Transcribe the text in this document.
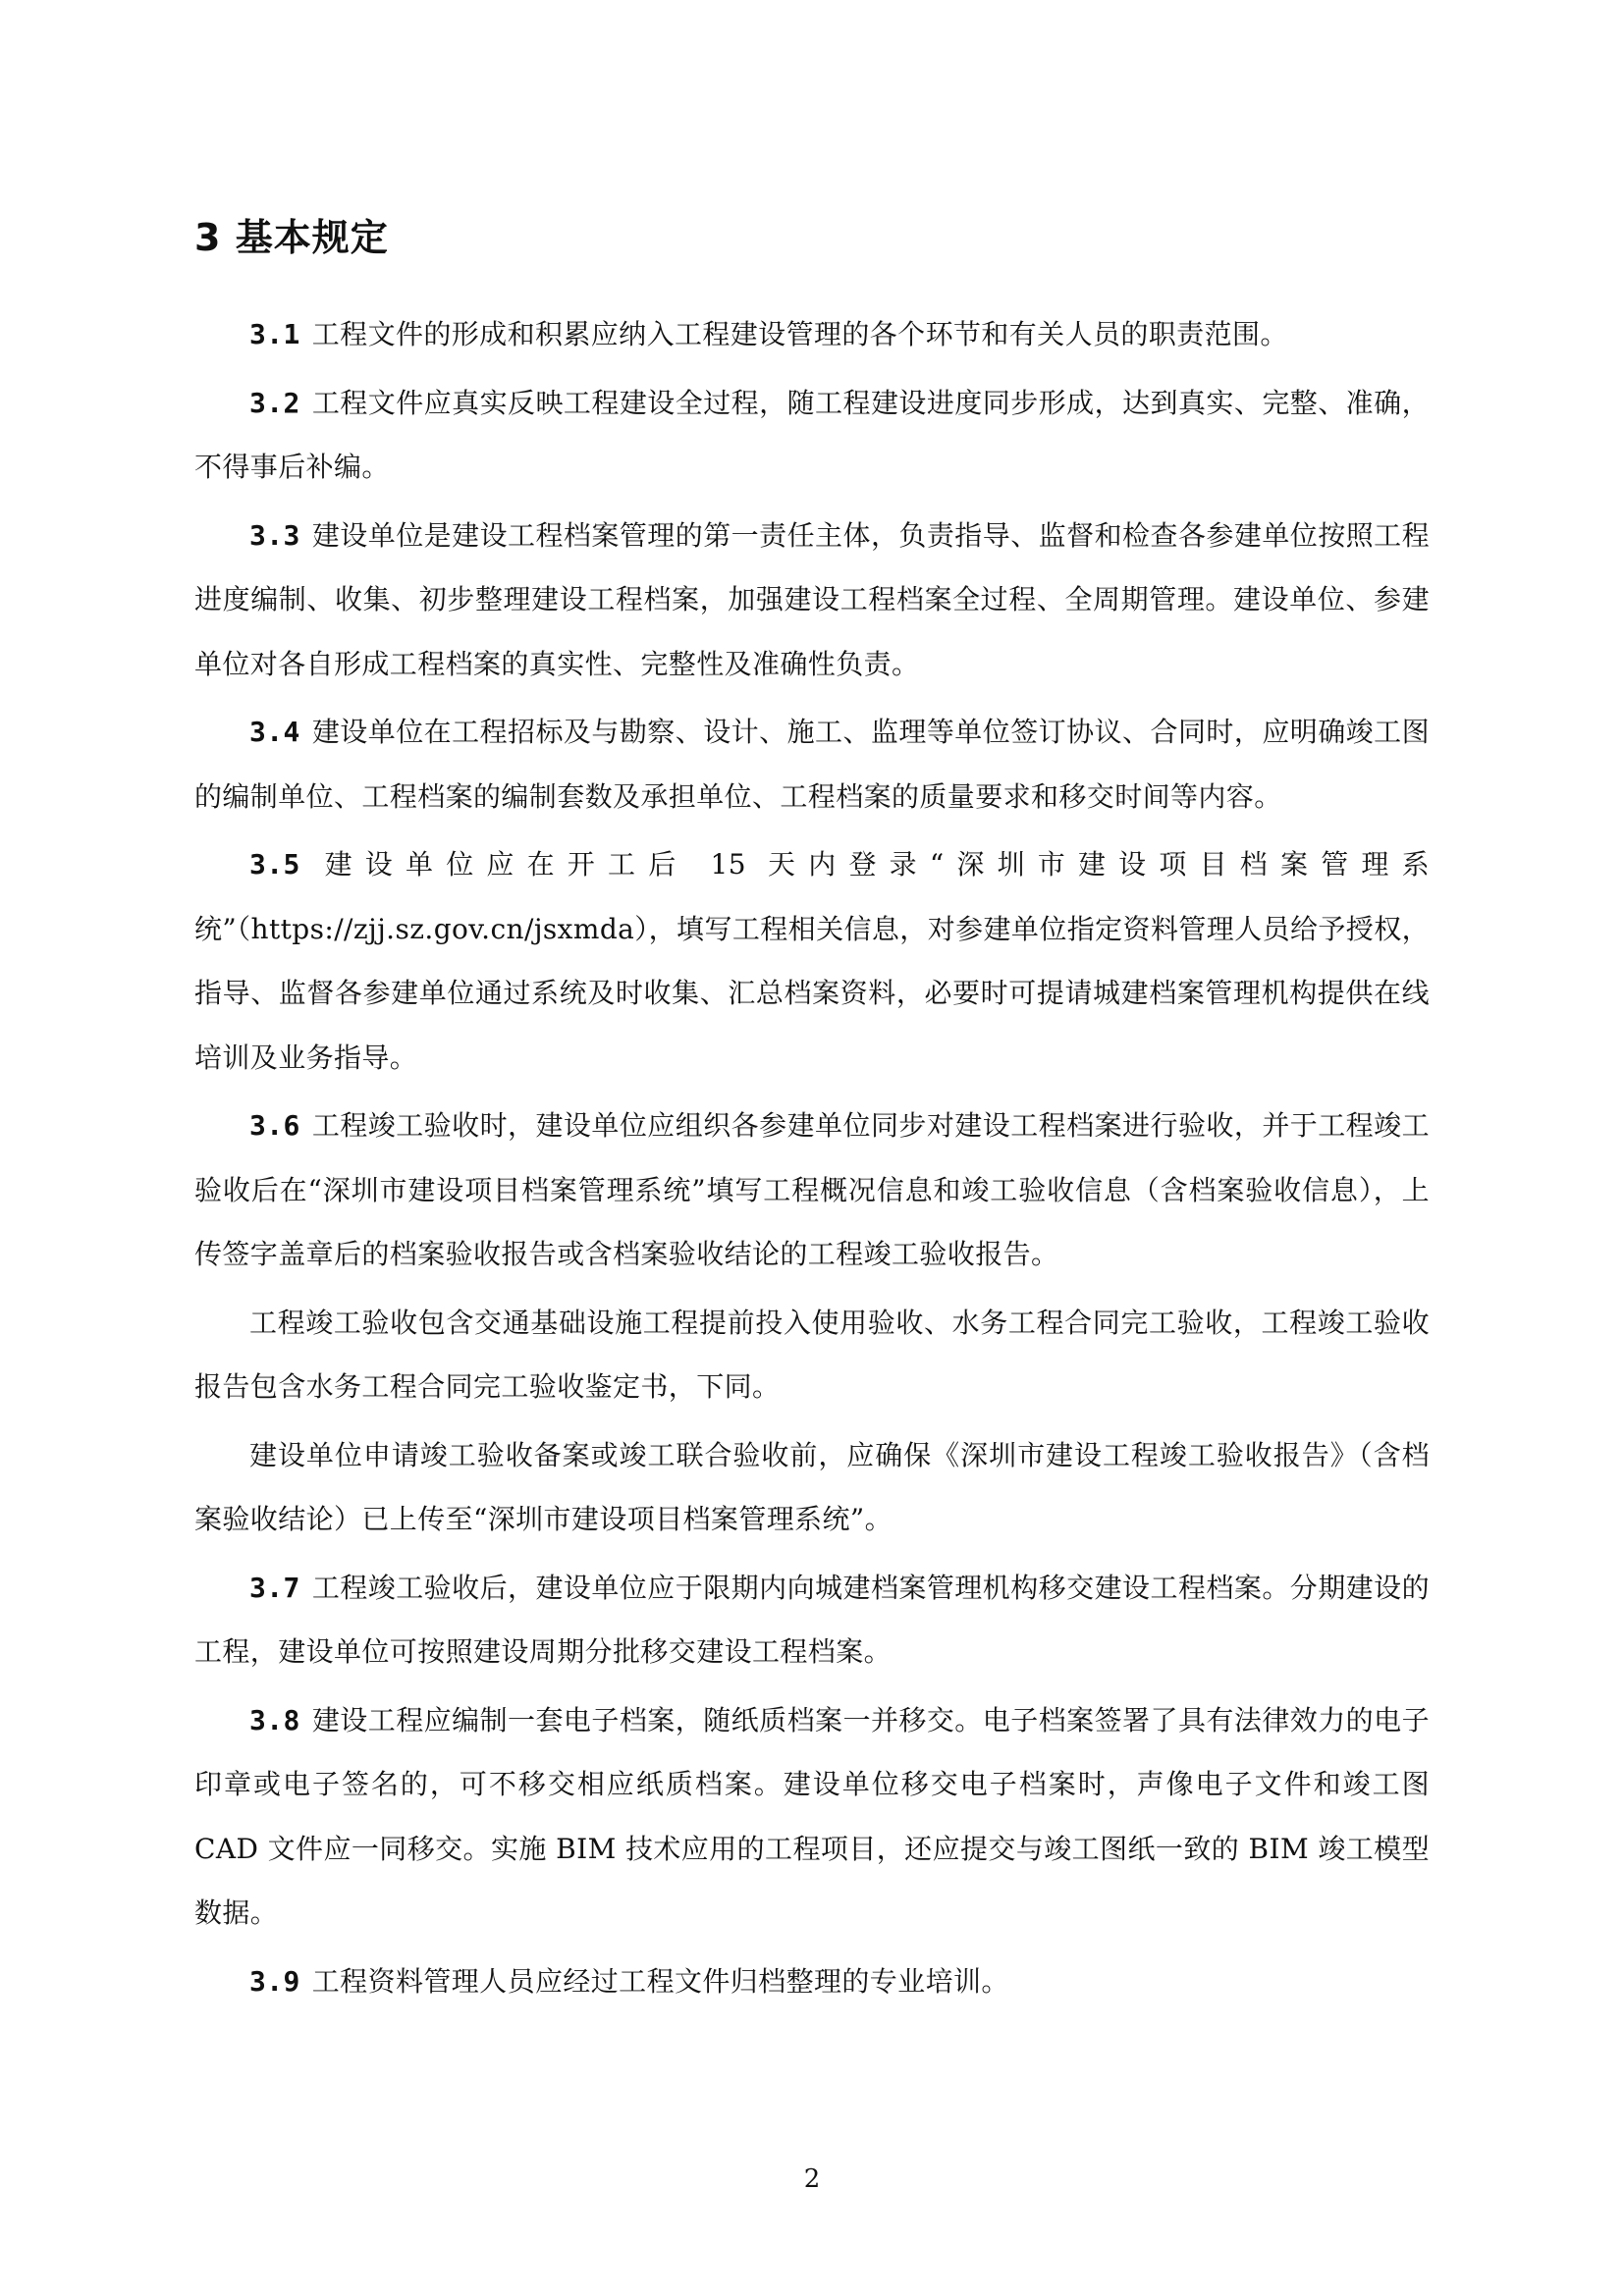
3 基本规定

3.1 工程文件的形成和积累应纳入工程建设管理的各个环节和有关人员的职责范围。

3.2 工程文件应真实反映工程建设全过程，随工程建设进度同步形成，达到真实、完整、准确，不得事后补编。

3.3 建设单位是建设工程档案管理的第一责任主体，负责指导、监督和检查各参建单位按照工程进度编制、收集、初步整理建设工程档案，加强建设工程档案全过程、全周期管理。建设单位、参建单位对各自形成工程档案的真实性、完整性及准确性负责。

3.4 建设单位在工程招标及与勘察、设计、施工、监理等单位签订协议、合同时，应明确竣工图的编制单位、工程档案的编制套数及承担单位、工程档案的质量要求和移交时间等内容。

3.5 建设单位应在开工后 15 天内登录“深圳市建设项目档案管理系统”（https://zjj.sz.gov.cn/jsxmda），填写工程相关信息，对参建单位指定资料管理人员给予授权，指导、监督各参建单位通过系统及时收集、汇总档案资料，必要时可提请城建档案管理机构提供在线培训及业务指导。

3.6 工程竣工验收时，建设单位应组织各参建单位同步对建设工程档案进行验收，并于工程竣工验收后在“深圳市建设项目档案管理系统”填写工程概况信息和竣工验收信息（含档案验收信息），上传签字盖章后的档案验收报告或含档案验收结论的工程竣工验收报告。

工程竣工验收包含交通基础设施工程提前投入使用验收、水务工程合同完工验收，工程竣工验收报告包含水务工程合同完工验收鉴定书，下同。

建设单位申请竣工验收备案或竣工联合验收前，应确保《深圳市建设工程竣工验收报告》（含档案验收结论）已上传至“深圳市建设项目档案管理系统”。

3.7 工程竣工验收后，建设单位应于限期内向城建档案管理机构移交建设工程档案。分期建设的工程，建设单位可按照建设周期分批移交建设工程档案。

3.8 建设工程应编制一套电子档案，随纸质档案一并移交。电子档案签署了具有法律效力的电子印章或电子签名的，可不移交相应纸质档案。建设单位移交电子档案时，声像电子文件和竣工图 CAD 文件应一同移交。实施 BIM 技术应用的工程项目，还应提交与竣工图纸一致的 BIM 竣工模型数据。

3.9 工程资料管理人员应经过工程文件归档整理的专业培训。

2
